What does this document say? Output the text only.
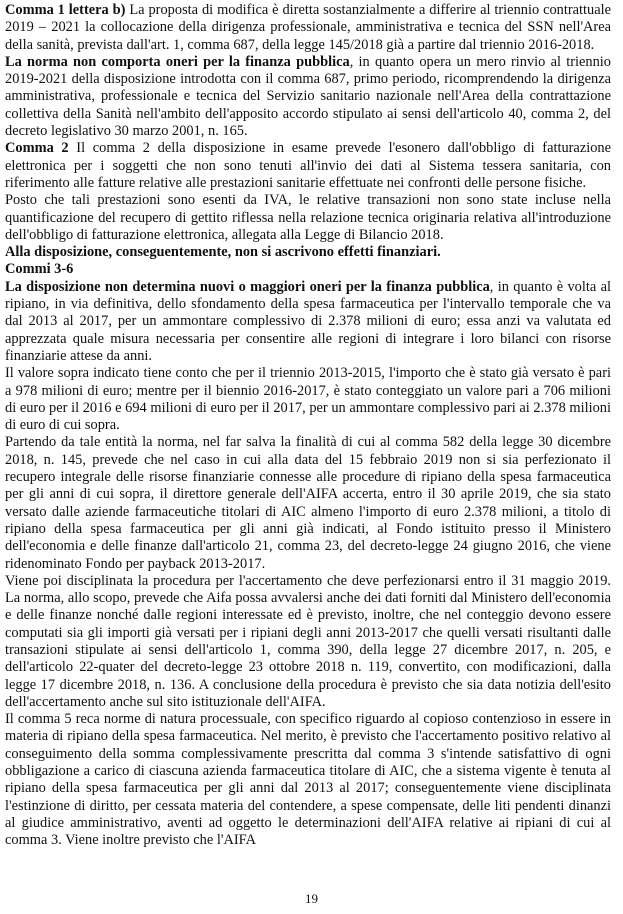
Comma 1 lettera b) La proposta di modifica è diretta sostanzialmente a differire al triennio contrattuale 2019 – 2021 la collocazione della dirigenza professionale, amministrativa e tecnica del SSN nell'Area della sanità, prevista dall'art. 1, comma 687, della legge 145/2018 già a partire dal triennio 2016-2018.

La norma non comporta oneri per la finanza pubblica, in quanto opera un mero rinvio al triennio 2019-2021 della disposizione introdotta con il comma 687, primo periodo, ricomprendendo la dirigenza amministrativa, professionale e tecnica del Servizio sanitario nazionale nell'Area della contrattazione collettiva della Sanità nell'ambito dell'apposito accordo stipulato ai sensi dell'articolo 40, comma 2, del decreto legislativo 30 marzo 2001, n. 165.

Comma 2 Il comma 2 della disposizione in esame prevede l'esonero dall'obbligo di fatturazione elettronica per i soggetti che non sono tenuti all'invio dei dati al Sistema tessera sanitaria, con riferimento alle fatture relative alle prestazioni sanitarie effettuate nei confronti delle persone fisiche.

Posto che tali prestazioni sono esenti da IVA, le relative transazioni non sono state incluse nella quantificazione del recupero di gettito riflessa nella relazione tecnica originaria relativa all'introduzione dell'obbligo di fatturazione elettronica, allegata alla Legge di Bilancio 2018.

Alla disposizione, conseguentemente, non si ascrivono effetti finanziari.

Commi 3-6

La disposizione non determina nuovi o maggiori oneri per la finanza pubblica, in quanto è volta al ripiano, in via definitiva, dello sfondamento della spesa farmaceutica per l'intervallo temporale che va dal 2013 al 2017, per un ammontare complessivo di 2.378 milioni di euro; essa anzi va valutata ed apprezzata quale misura necessaria per consentire alle regioni di integrare i loro bilanci con risorse finanziarie attese da anni.

Il valore sopra indicato tiene conto che per il triennio 2013-2015, l'importo che è stato già versato è pari a 978 milioni di euro; mentre per il biennio 2016-2017, è stato conteggiato un valore pari a 706 milioni di euro per il 2016 e 694 milioni di euro per il 2017, per un ammontare complessivo pari ai 2.378 milioni di euro di cui sopra.

Partendo da tale entità la norma, nel far salva la finalità di cui al comma 582 della legge 30 dicembre 2018, n. 145, prevede che nel caso in cui alla data del 15 febbraio 2019 non si sia perfezionato il recupero integrale delle risorse finanziarie connesse alle procedure di ripiano della spesa farmaceutica per gli anni di cui sopra, il direttore generale dell'AIFA accerta, entro il 30 aprile 2019, che sia stato versato dalle aziende farmaceutiche titolari di AIC almeno l'importo di euro 2.378 milioni, a titolo di ripiano della spesa farmaceutica per gli anni già indicati, al Fondo istituito presso il Ministero dell'economia e delle finanze dall'articolo 21, comma 23, del decreto-legge 24 giugno 2016, che viene ridenominato Fondo per payback 2013-2017.

Viene poi disciplinata la procedura per l'accertamento che deve perfezionarsi entro il 31 maggio 2019. La norma, allo scopo, prevede che Aifa possa avvalersi anche dei dati forniti dal Ministero dell'economia e delle finanze nonché dalle regioni interessate ed è previsto, inoltre, che nel conteggio devono essere computati sia gli importi già versati per i ripiani degli anni 2013-2017 che quelli versati risultanti dalle transazioni stipulate ai sensi dell'articolo 1, comma 390, della legge 27 dicembre 2017, n. 205, e dell'articolo 22-quater del decreto-legge 23 ottobre 2018 n. 119, convertito, con modificazioni, dalla legge 17 dicembre 2018, n. 136. A conclusione della procedura è previsto che sia data notizia dell'esito dell'accertamento anche sul sito istituzionale dell'AIFA.

Il comma 5 reca norme di natura processuale, con specifico riguardo al copioso contenzioso in essere in materia di ripiano della spesa farmaceutica. Nel merito, è previsto che l'accertamento positivo relativo al conseguimento della somma complessivamente prescritta dal comma 3 s'intende satisfattivo di ogni obbligazione a carico di ciascuna azienda farmaceutica titolare di AIC, che a sistema vigente è tenuta al ripiano della spesa farmaceutica per gli anni dal 2013 al 2017; conseguentemente viene disciplinata l'estinzione di diritto, per cessata materia del contendere, a spese compensate, delle liti pendenti dinanzi al giudice amministrativo, aventi ad oggetto le determinazioni dell'AIFA relative ai ripiani di cui al comma 3. Viene inoltre previsto che l'AIFA

19
